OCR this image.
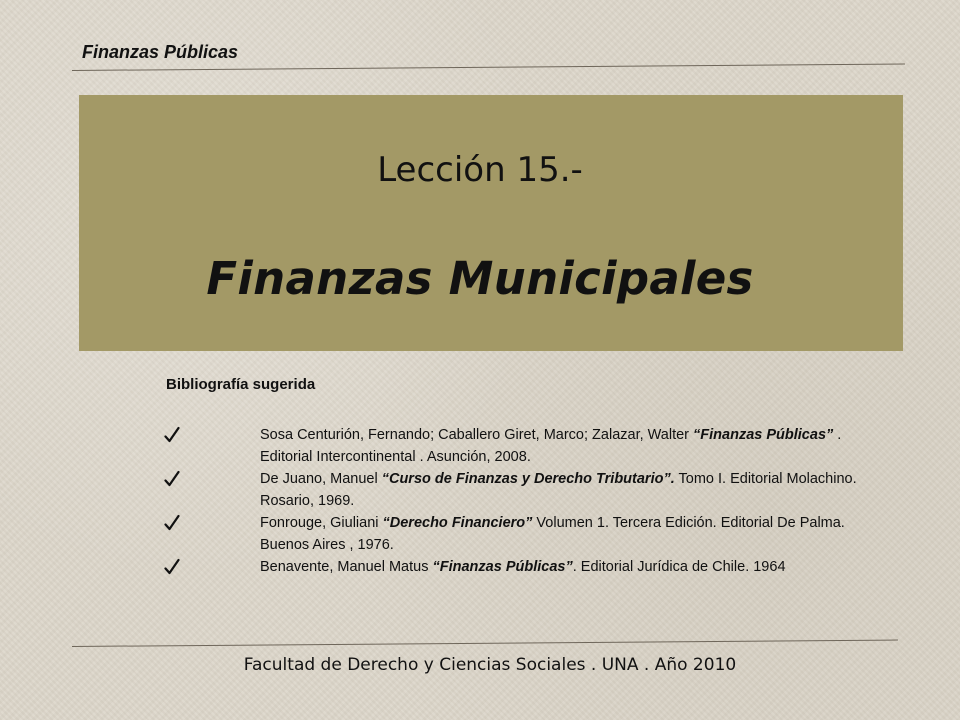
Finanzas Públicas
Lección 15.-
Finanzas Municipales
Bibliografía sugerida
Sosa Centurión, Fernando; Caballero Giret, Marco; Zalazar, Walter “Finanzas Públicas” . Editorial Intercontinental . Asunción, 2008.
De Juano, Manuel “Curso de Finanzas y Derecho Tributario”. Tomo I. Editorial Molachino. Rosario, 1969.
Fonrouge, Giuliani “Derecho Financiero” Volumen 1. Tercera Edición. Editorial De Palma. Buenos Aires , 1976.
Benavente, Manuel Matus “Finanzas Públicas”. Editorial Jurídica de Chile. 1964
Facultad de Derecho y Ciencias Sociales . UNA . Año 2010
